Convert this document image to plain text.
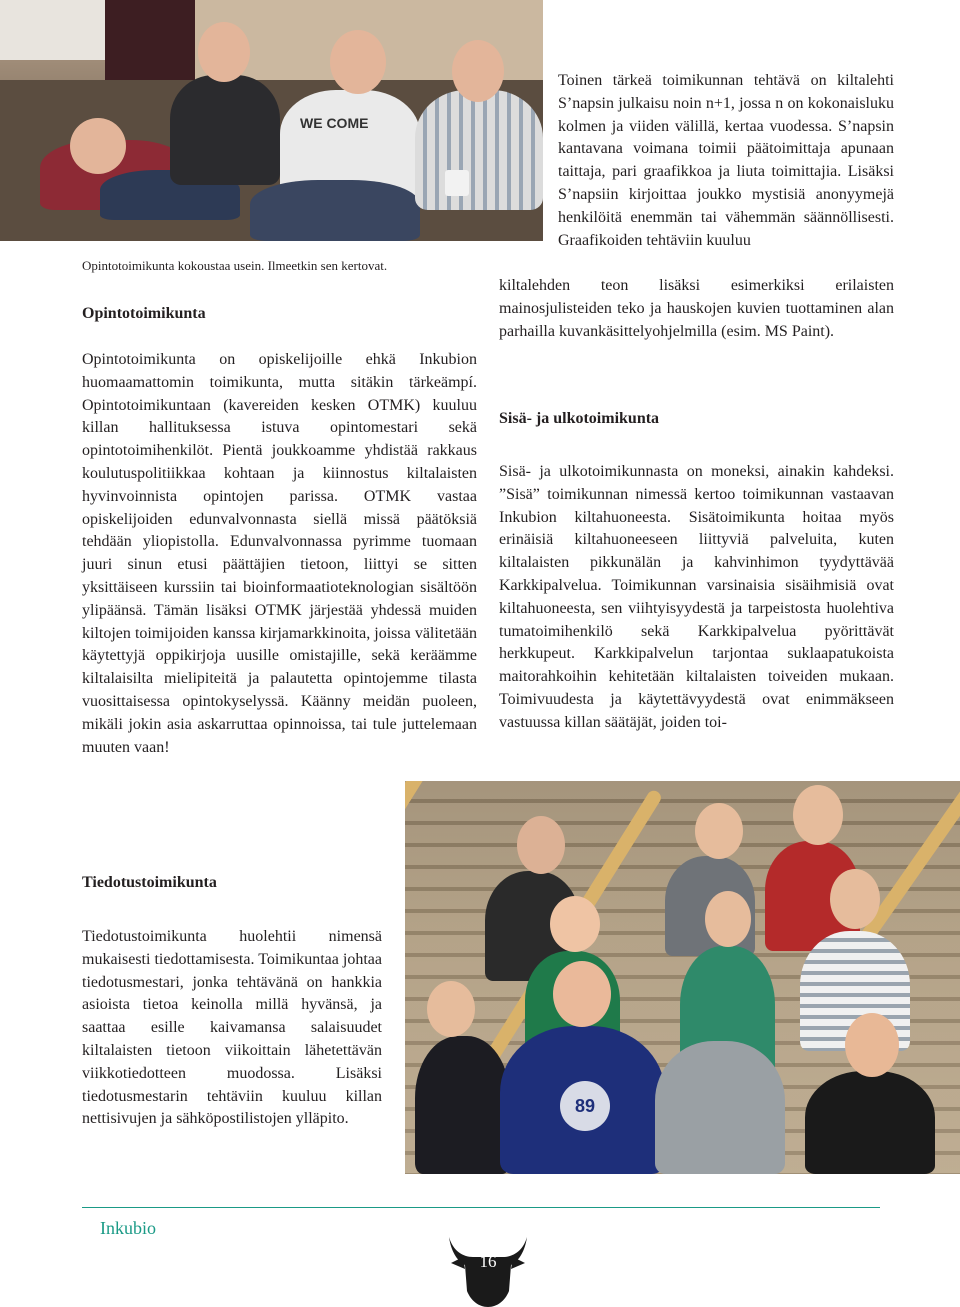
WE COME

Opintotoimikunta kokoustaa usein. Ilmeetkin sen kertovat.

Opintotoimikunta

Opintotoimikunta on opiskelijoille ehkä Inkubion huomaamattomin toimikunta, mutta sitäkin tärkeämpí. Opintotoimikuntaan (kavereiden kesken OTMK) kuuluu killan hallituksessa istuva opintomestari sekä opintotoimihenkilöt. Pientä joukkoamme yhdistää rakkaus koulutuspolitiikkaa kohtaan ja kiinnostus kiltalaisten hyvinvoinnista opintojen parissa. OTMK vastaa opiskelijoiden edunvalvonnasta siellä missä päätöksiä tehdään yliopistolla. Edunvalvonnassa pyrimme tuomaan juuri sinun etusi päättäjien tietoon, liittyi se sitten yksittäiseen kurssiin tai bioinformaatioteknologian sisältöön ylipäänsä. Tämän lisäksi OTMK järjestää yhdessä muiden kiltojen toimijoiden kanssa kirjamarkkinoita, joissa välitetään käytettyjä oppikirjoja uusille omistajille, sekä keräämme kiltalaisilta mielipiteitä ja palautetta opintojemme tilasta vuosittaisessa opintokyselyssä. Käänny meidän puoleen, mikäli jokin asia askarruttaa opinnoissa, tai tule juttelemaan muuten vaan!

Tiedotustoimikunta

Tiedotustoimikunta huolehtii nimensä mukaisesti tiedottamisesta. Toimikuntaa johtaa tiedotusmestari, jonka tehtävänä on hankkia asioista tietoa keinolla millä hyvänsä, ja saattaa esille kaivamansa salaisuudet kiltalaisten tietoon viikoittain lähetettävän viikkotiedotteen muodossa. Lisäksi tiedotusmestarin tehtäviin kuuluu killan nettisivujen ja sähköpostilistojen ylläpito.

Toinen tärkeä toimikunnan tehtävä on kiltalehti S’napsin julkaisu noin n+1, jossa n on kokonaisluku kolmen ja viiden välillä, kertaa vuodessa. S’napsin kantavana voimana toimii päätoimittaja apunaan taittaja, pari graafikkoa ja liuta toimittajia. Lisäksi S’napsiin kirjoittaa joukko mystisiä anonyymejä henkilöitä enemmän tai vähemmän säännöllisesti. Graafikoiden tehtäviin kuuluu

kiltalehden teon lisäksi esimerkiksi erilaisten mainosjulisteiden teko ja hauskojen kuvien tuottaminen alan parhailla kuvankäsittelyohjelmilla (esim. MS Paint).

Sisä- ja ulkotoimikunta

Sisä- ja ulkotoimikunnasta on moneksi, ainakin kahdeksi. ”Sisä” toimikunnan nimessä kertoo toimikunnan vastaavan Inkubion kiltahuoneesta. Sisätoimikunta hoitaa myös erinäisiä kiltahuoneeseen liittyviä palveluita, kuten kiltalaisten pikkunälän ja kahvinhimon tyydyttävää Karkkipalvelua. Toimikunnan varsinaisia sisäihmisiä ovat kiltahuoneesta, sen viihtyisyydestä ja tarpeistosta huolehtiva tumatoimihenkilö sekä Karkkipalvelua pyörittävät herkkupeut. Karkkipalvelun tarjontaa suklaapatukoista maitorahkoihin kehitetään kiltalaisten toiveiden mukaan. Toimivuudesta ja käytettävyydestä ovat enimmäkseen vastuussa killan säätäjät, joiden toi-

89

Inkubio

16
